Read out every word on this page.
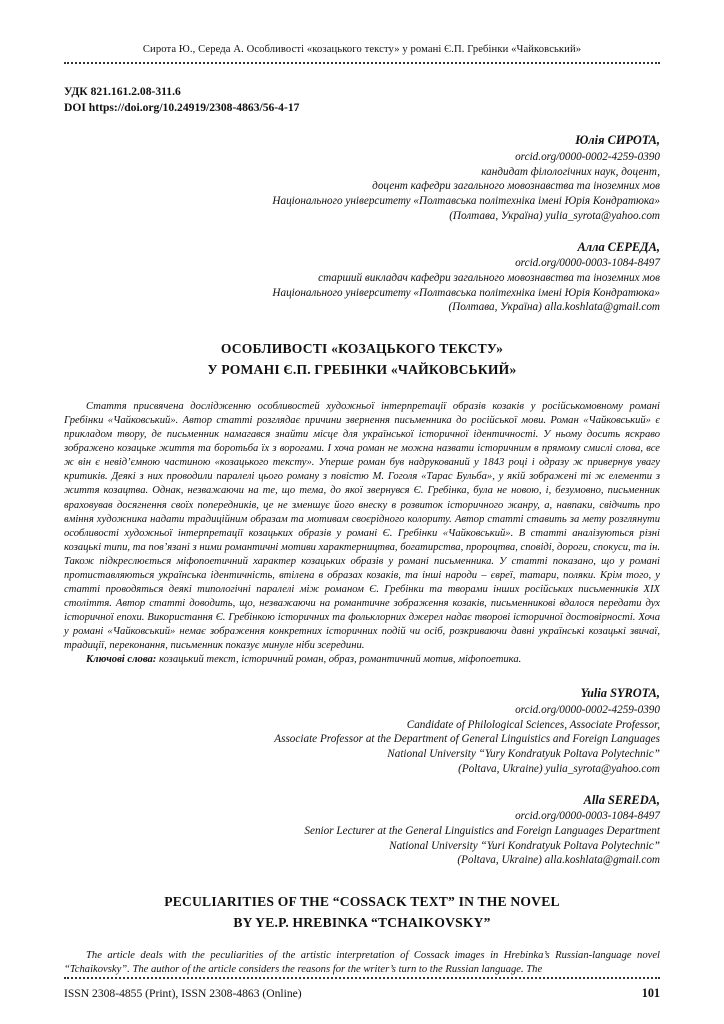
Сирота Ю., Середа А. Особливості «козацького тексту» у романі Є.П. Гребінки «Чайковський»
УДК 821.161.2.08-311.6
DOI https://doi.org/10.24919/2308-4863/56-4-17
Юлія СИРОТА,
orcid.org/0000-0002-4259-0390
кандидат філологічних наук, доцент,
доцент кафедри загального мовознавства та іноземних мов
Національного університету «Полтавська політехніка імені Юрія Кондратюка»
(Полтава, Україна) yulia_syrota@yahoo.com
Алла СЕРЕДА,
orcid.org/0000-0003-1084-8497
старший викладач кафедри загального мовознавства та іноземних мов
Національного університету «Полтавська політехніка імені Юрія Кондратюка»
(Полтава, Україна) alla.koshlata@gmail.com
ОСОБЛИВОСТІ «КОЗАЦЬКОГО ТЕКСТУ»
У РОМАНІ Є.П. ГРЕБІНКИ «ЧАЙКОВСЬКИЙ»

Стаття присвячена дослідженню особливостей художньої інтерпретації образів козаків у російськомовному романі Гребінки «Чайковський». Автор статті розглядає причини звернення письменника до російської мови. Роман «Чайковський» є прикладом твору, де письменник намагався знайти місце для української історичної ідентичності. У ньому досить яскраво зображено козацьке життя та боротьба їх з ворогами. І хоча роман не можна назвати історичним в прямому смислі слова, все ж він є невід’ємною частиною «козацького тексту». Уперше роман був надрукований у 1843 році і одразу ж привернув увагу критиків. Деякі з них проводили паралелі цього роману з повістю М. Гоголя «Тарас Бульба», у якій зображені ті ж елементи з життя козацтва. Однак, незважаючи на те, що тема, до якої звернувся Є. Гребінка, була не новою, і, безумовно, письменник враховував досягнення своїх попередників, це не зменшує його внеску в розвиток історичного жанру, а, навпаки, свідчить про вміння художника надати традиційним образам та мотивам своєрідного колориту. Автор статті ставить за мету розглянути особливості художньої інтерпретації козацьких образів у романі Є. Гребінки «Чайковський». В статті аналізуються різні козацькі типи, та пов’язані з ними романтичні мотиви характерництва, богатирства, пророцтва, сповіді, дороги, спокуси, та ін. Також підкреслюється міфопоетичний характер козацьких образів у романі письменника. У статті показано, що у романі протиставляються українська ідентичність, втілена в образах козаків, та інші народи – євреї, татари, поляки. Крім того, у статті проводяться деякі типологічні паралелі між романом Є. Гребінки та творами інших російських письменників XIX століття. Автор статті доводить, що, незважаючи на романтичне зображення козаків, письменникові вдалося передати дух історичної епохи. Використання Є. Гребінкою історичних та фольклорних джерел надає творові історичної достовірності. Хоча у романі «Чайковський» немає зображення конкретних історичних подій чи осіб, розкриваючи давні українські козацькі звичаї, традиції, переконання, письменник показує минуле ніби зсередини.

Ключові слова: козацький текст, історичний роман, образ, романтичний мотив, міфопоетика.

Yulia SYROTA,
orcid.org/0000-0002-4259-0390
Candidate of Philological Sciences, Associate Professor,
Associate Professor at the Department of General Linguistics and Foreign Languages
National University “Yury Kondratyuk Poltava Polytechnic”
(Poltava, Ukraine) yulia_syrota@yahoo.com
Alla SEREDA,
orcid.org/0000-0003-1084-8497
Senior Lecturer at the General Linguistics and Foreign Languages Department
National University “Yuri Kondratyuk Poltava Polytechnic”
(Poltava, Ukraine) alla.koshlata@gmail.com
PECULIARITIES OF THE “COSSACK TEXT” IN THE NOVEL
BY YE.P. HREBINKA “TCHAIKOVSKY”

The article deals with the peculiarities of the artistic interpretation of Cossack images in Hrebinka’s Russian-language novel “Tchaikovsky”. The author of the article considers the reasons for the writer’s turn to the Russian language. The

ISSN 2308-4855 (Print), ISSN 2308-4863 (Online)	101
